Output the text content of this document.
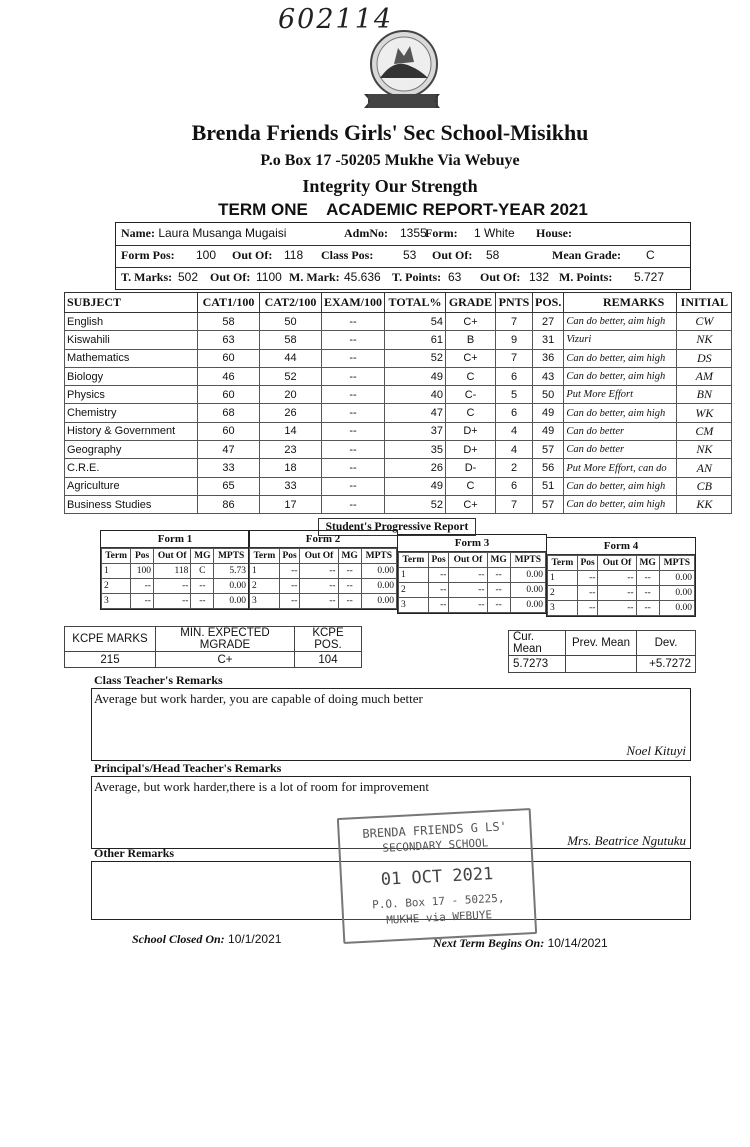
602114
Brenda Friends Girls' Sec School-Misikhu
P.o Box 17 -50205 Mukhe Via Webuye
Integrity Our Strength
TERM ONE    ACADEMIC REPORT-YEAR 2021
Name: Laura Musanga Mugaisi	AdmNo: 1355
Form: 1 White House:
Form Pos: 100 Out Of: 118 Class Pos: 53 Out Of: 58	Mean Grade: C
T. Marks: 502 Out Of: 1100 M. Mark: 45.636 T. Points: 63 Out Of: 132 M. Points: 5.727
SUBJECT	CAT1/100	CAT2/100	EXAM/100	TOTAL%	GRADE	PNTS	POS.	REMARKS	INITIAL
English	58	50	--	54	C+	7	27	Can do better, aim high	CW
Kiswahili	63	58	--	61	B	9	31	Vizuri	NK
Mathematics	60	44	--	52	C+	7	36	Can do better, aim high	DS
Biology	46	52	--	49	C	6	43	Can do better, aim high	AM
Physics	60	20	--	40	C-	5	50	Put More Effort	BN
Chemistry	68	26	--	47	C	6	49	Can do better, aim high	WK
History & Government	60	14	--	37	D+	4	49	Can do better	CM
Geography	47	23	--	35	D+	4	57	Can do better	NK
C.R.E.	33	18	--	26	D-	2	56	Put More Effort, can do	AN
Agriculture	65	33	--	49	C	6	51	Can do better, aim high	CB
Business Studies	86	17	--	52	C+	7	57	Can do better, aim high	KK
Student's Progressive Report
Form 1
Term	Pos	Out Of	MG	MPTS
1	100	118	C	5.73
2	--	--	--	0.00
3	--	--	--	0.00
Form 2
Term	Pos	Out Of	MG	MPTS
1	--	--	--	0.00
2	--	--	--	0.00
3	--	--	--	0.00
Form 3
Term	Pos	Out Of	MG	MPTS
1	--	--	--	0.00
2	--	--	--	0.00
3	--	--	--	0.00
Form 4
Term	Pos	Out Of	MG	MPTS
1	--	--	--	0.00
2	--	--	--	0.00
3	--	--	--	0.00
KCPE MARKS	MIN. EXPECTED MGRADE	KCPE POS.
215	C+	104
Cur. Mean	Prev. Mean	Dev.
5.7273		+5.7272
Class Teacher's Remarks
Average but work harder, you are capable of doing much better
Noel Kituyi
Principal's/Head Teacher's Remarks
Average, but work harder,there is a lot of room for improvement
Mrs. Beatrice Ngutuku
Other Remarks
BRENDA FRIENDS G LS'
SECONDARY SCHOOL
01 OCT 2021
P.O. Box 17 - 50225,
MUKHE via WEBUYE
School Closed On: 10/1/2021	Next Term Begins On: 10/14/2021
